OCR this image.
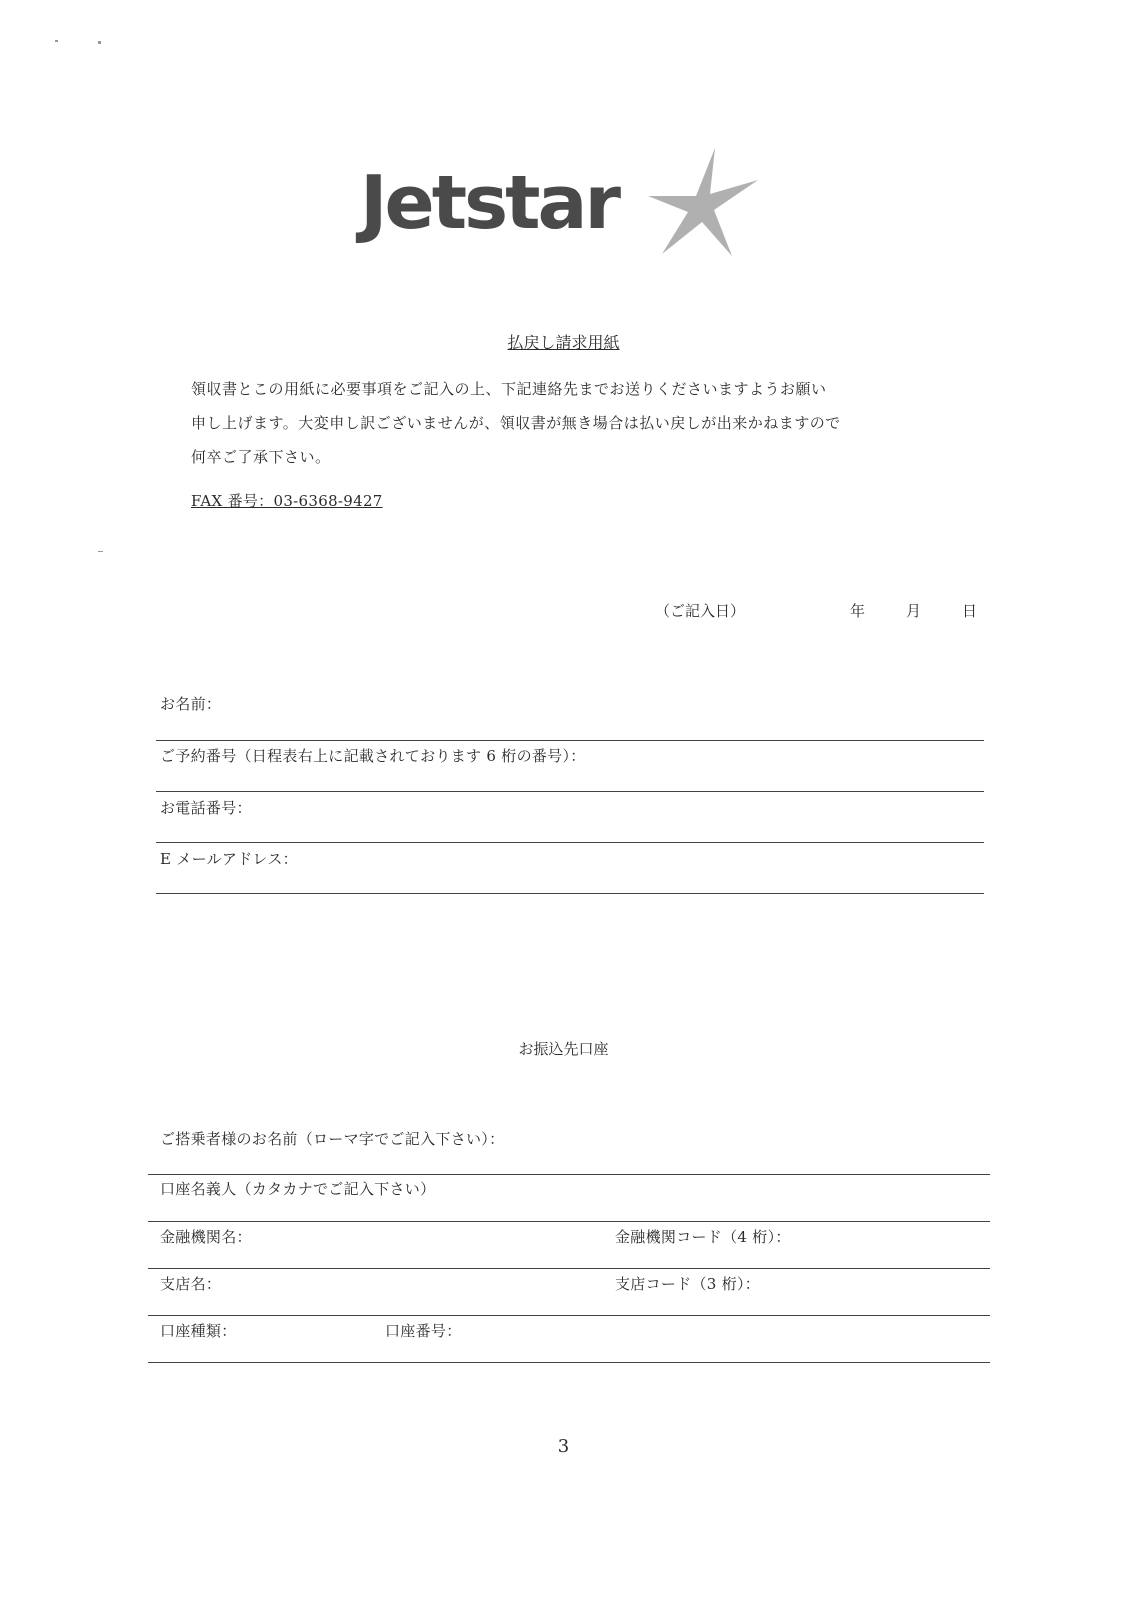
Jetstar
払戻し請求用紙
領収書とこの用紙に必要事項をご記入の上、下記連絡先までお送りくださいますようお願い
申し上げます。大変申し訳ございませんが、領収書が無き場合は払い戻しが出来かねますので
何卒ご了承下さい。
FAX 番号：03-6368-9427
（ご記入日）	年	月	日
お名前：
ご予約番号（日程表右上に記載されております 6 桁の番号）：
お電話番号：
E メールアドレス：
お振込先口座
ご搭乗者様のお名前（ローマ字でご記入下さい）：
口座名義人（カタカナでご記入下さい）
金融機関名：	金融機関コード（4 桁）：
支店名：	支店コード（3 桁）：
口座種類：	口座番号：
3
